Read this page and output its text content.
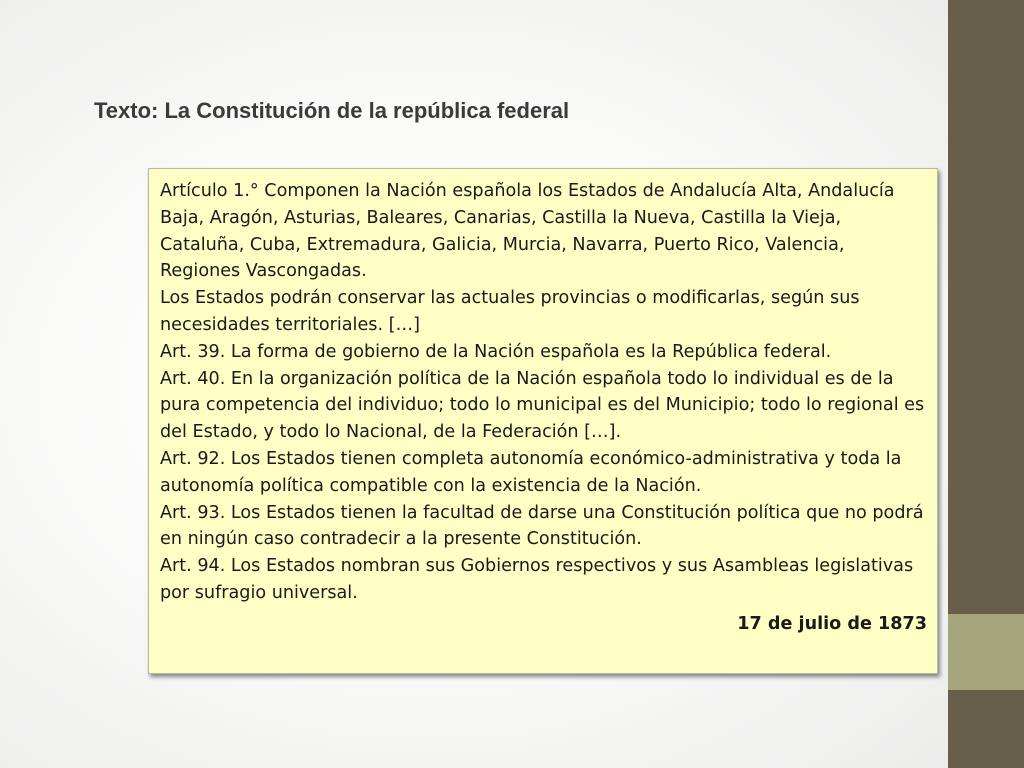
Texto: La Constitución de la república federal

Artículo 1.° Componen la Nación española los Estados de Andalucía Alta, Andalucía Baja, Aragón, Asturias, Baleares, Canarias, Castilla la Nueva, Castilla la Vieja, Cataluña, Cuba, Extremadura, Galicia, Murcia, Navarra, Puerto Rico, Valencia, Regiones Vascongadas.

Los Estados podrán conservar las actuales provincias o modificarlas, según sus necesidades territoriales. […]

Art. 39. La forma de gobierno de la Nación española es la República federal.

Art. 40. En la organización política de la Nación española todo lo individual es de la pura competencia del individuo; todo lo municipal es del Municipio; todo lo regional es del Estado, y todo lo Nacional, de la Federación […].

Art. 92. Los Estados tienen completa autonomía económico-administrativa y toda la autonomía política compatible con la existencia de la Nación.

Art. 93. Los Estados tienen la facultad de darse una Constitución política que no podrá en ningún caso contradecir a la presente Constitución.

Art. 94. Los Estados nombran sus Gobiernos respectivos y sus Asambleas legislativas por sufragio universal.

17 de julio de 1873
